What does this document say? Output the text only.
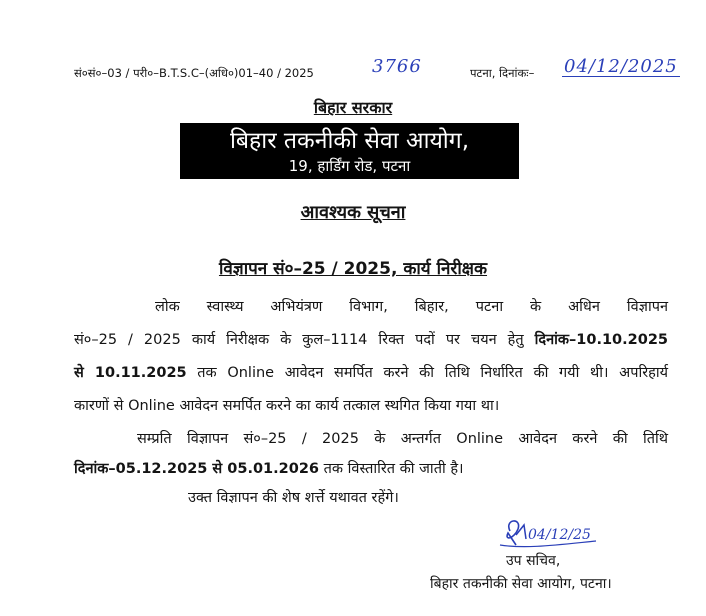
सं०सं०–03 / परी०–B.T.S.C–(अधि०)01–40 / 2025	3766	पटना, दिनांकः– 04/12/2025
बिहार सरकार
बिहार तकनीकी सेवा आयोग,
19, हार्डिंग रोड, पटना
आवश्यक सूचना
विज्ञापन सं०–25 / 2025, कार्य निरीक्षक
लोक स्वास्थ्य अभियंत्रण विभाग, बिहार, पटना के अधिन विज्ञापन
सं०–25 / 2025 कार्य निरीक्षक के कुल–1114 रिक्त पदों पर चयन हेतु दिनांक–10.10.2025
से 10.11.2025 तक Online आवेदन समर्पित करने की तिथि निर्धारित की गयी थी। अपरिहार्य
कारणों से Online आवेदन समर्पित करने का कार्य तत्काल स्थगित किया गया था।
सम्प्रति विज्ञापन सं०–25 / 2025 के अन्तर्गत Online आवेदन करने की तिथि
दिनांक–05.12.2025 से 05.01.2026 तक विस्तारित की जाती है।
उक्त विज्ञापन की शेष शर्त्ते यथावत रहेंगे।
04/12/25
उप सचिव,
बिहार तकनीकी सेवा आयोग, पटना।
